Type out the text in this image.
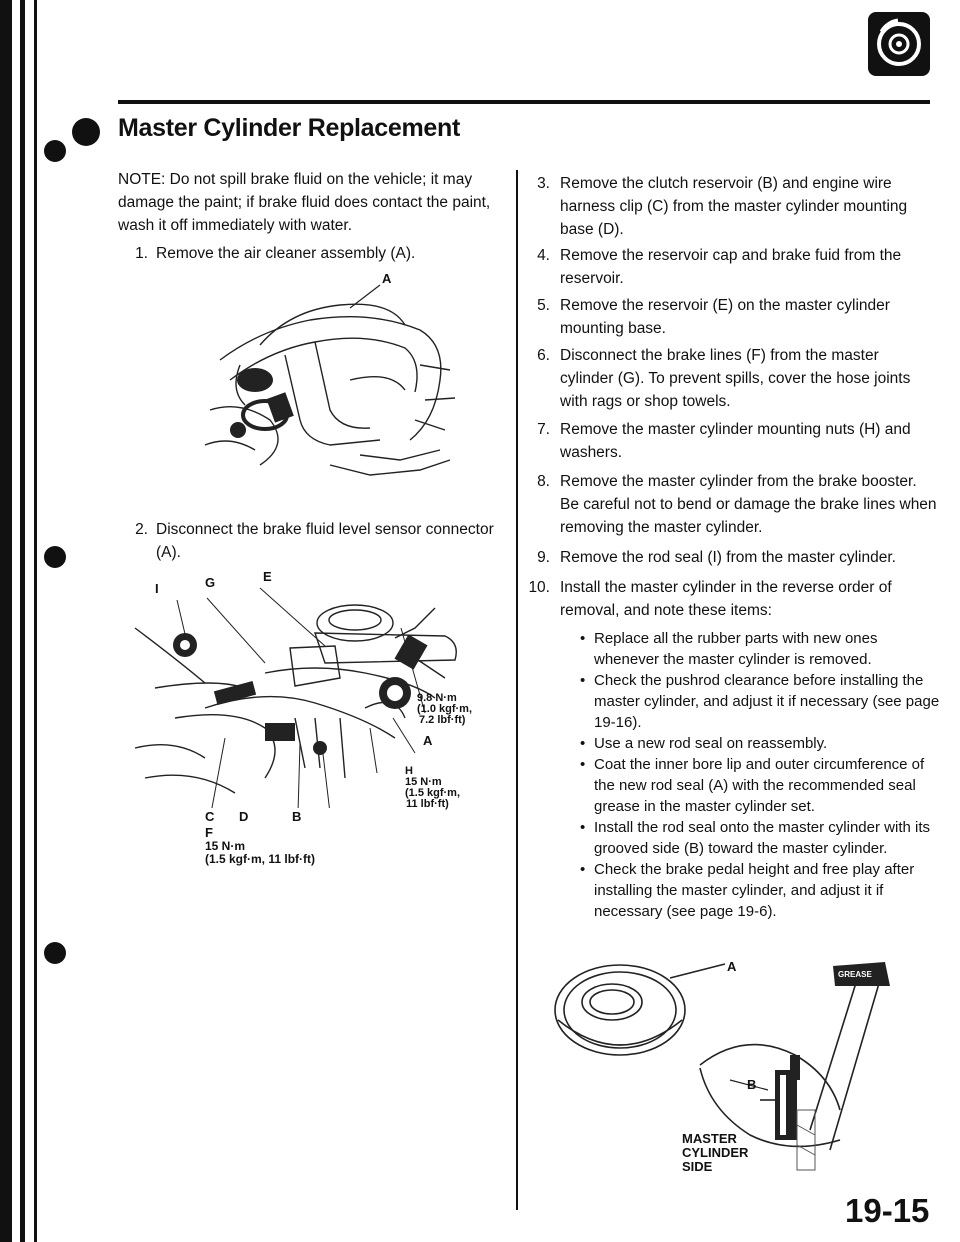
Master Cylinder Replacement
NOTE: Do not spill brake fluid on the vehicle; it may damage the paint; if brake fluid does contact the paint, wash it off immediately with water.
1. Remove the air cleaner assembly (A).
A
2. Disconnect the brake fluid level sensor connector (A).
I	G	E
9.8 N·m
(1.0 kgf·m,
7.2 lbf·ft)
A
H
15 N·m
(1.5 kgf·m,
11 lbf·ft)
C D	B
F
15 N·m
(1.5 kgf·m, 11 lbf·ft)
3. Remove the clutch reservoir (B) and engine wire harness clip (C) from the master cylinder mounting base (D).
4. Remove the reservoir cap and brake fuid from the reservoir.
5. Remove the reservoir (E) on the master cylinder mounting base.
6. Disconnect the brake lines (F) from the master cylinder (G). To prevent spills, cover the hose joints with rags or shop towels.
7. Remove the master cylinder mounting nuts (H) and washers.
8. Remove the master cylinder from the brake booster. Be careful not to bend or damage the brake lines when removing the master cylinder.
9. Remove the rod seal (I) from the master cylinder.
10. Install the master cylinder in the reverse order of removal, and note these items:
• Replace all the rubber parts with new ones whenever the master cylinder is removed.
• Check the pushrod clearance before installing the master cylinder, and adjust it if necessary (see page 19-16).
• Use a new rod seal on reassembly.
• Coat the inner bore lip and outer circumference of the new rod seal (A) with the recommended seal grease in the master cylinder set.
• Install the rod seal onto the master cylinder with its grooved side (B) toward the master cylinder.
• Check the brake pedal height and free play after installing the master cylinder, and adjust it if necessary (see page 19-6).
A
GREASE
B
MASTER
CYLINDER
SIDE
19-15
